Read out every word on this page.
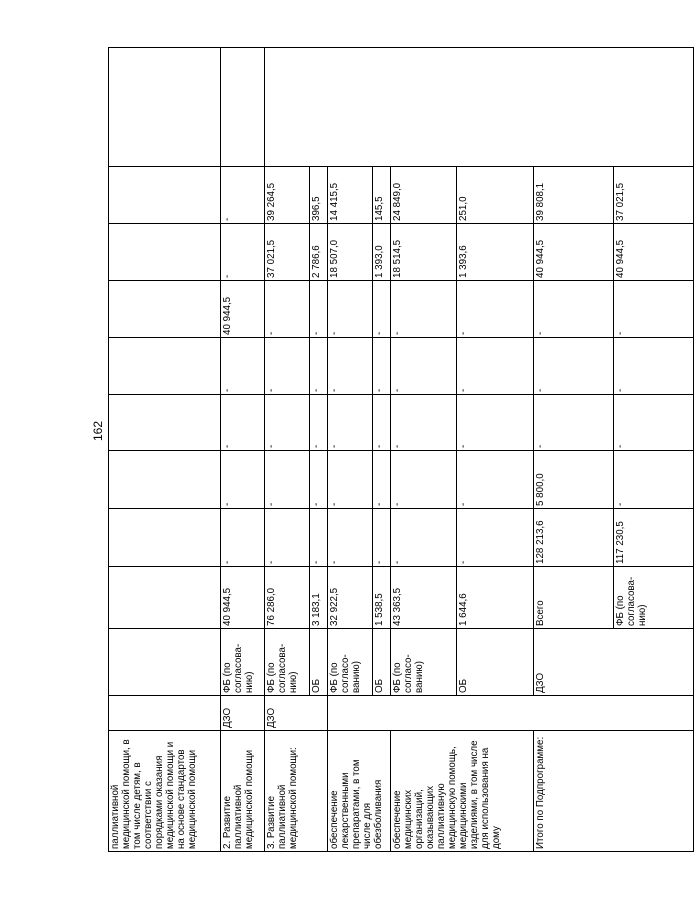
162
паллиативной медицинской помощи, в том числе детям, в соответствии с порядками оказания медицинской помощи и на основе стандартов медицинской помощи												
2. Развитие паллиативной медицинской помощи	ДЗО	ФБ (по согласова-нию)	40 944,5	-	-	-	-	40 944,5	-	-		
3. Развитие паллиативной медицинской помощи:	ДЗО	ФБ (по согласова-нию)	76 286,0	-	-	-	-	-	37 021,5	39 264,5		
		ОБ	3 183,1	-	-	-	-	-	2 786,6	396,5		
обеспечение лекарственными препаратами, в том числе для обезболивания		ФБ (по согласо-ванию)	32 922,5	-	-	-	-	-	18 507,0	14 415,5		
		ОБ	1 538,5	-	-	-	-	-	1 393,0	145,5		
обеспечение медицинских организаций, оказывающих паллиативную медицинскую помощь, медицинскими изделиями, в том числе для использования на дому		ФБ (по согласо-ванию)	43 363,5	-	-	-	-	-	18 514,5	24 849,0		
		ОБ	1 644,6	-	-	-	-	-	1 393,6	251,0		
Итого по Подпрограмме:		ДЗО	Всего	128 213,6	5 800,0	-	-	-	40 944,5	39 808,1	
			ФБ (по согласова-нию)	117 230,5	-	-	-	-	40 944,5	37 021,5	
